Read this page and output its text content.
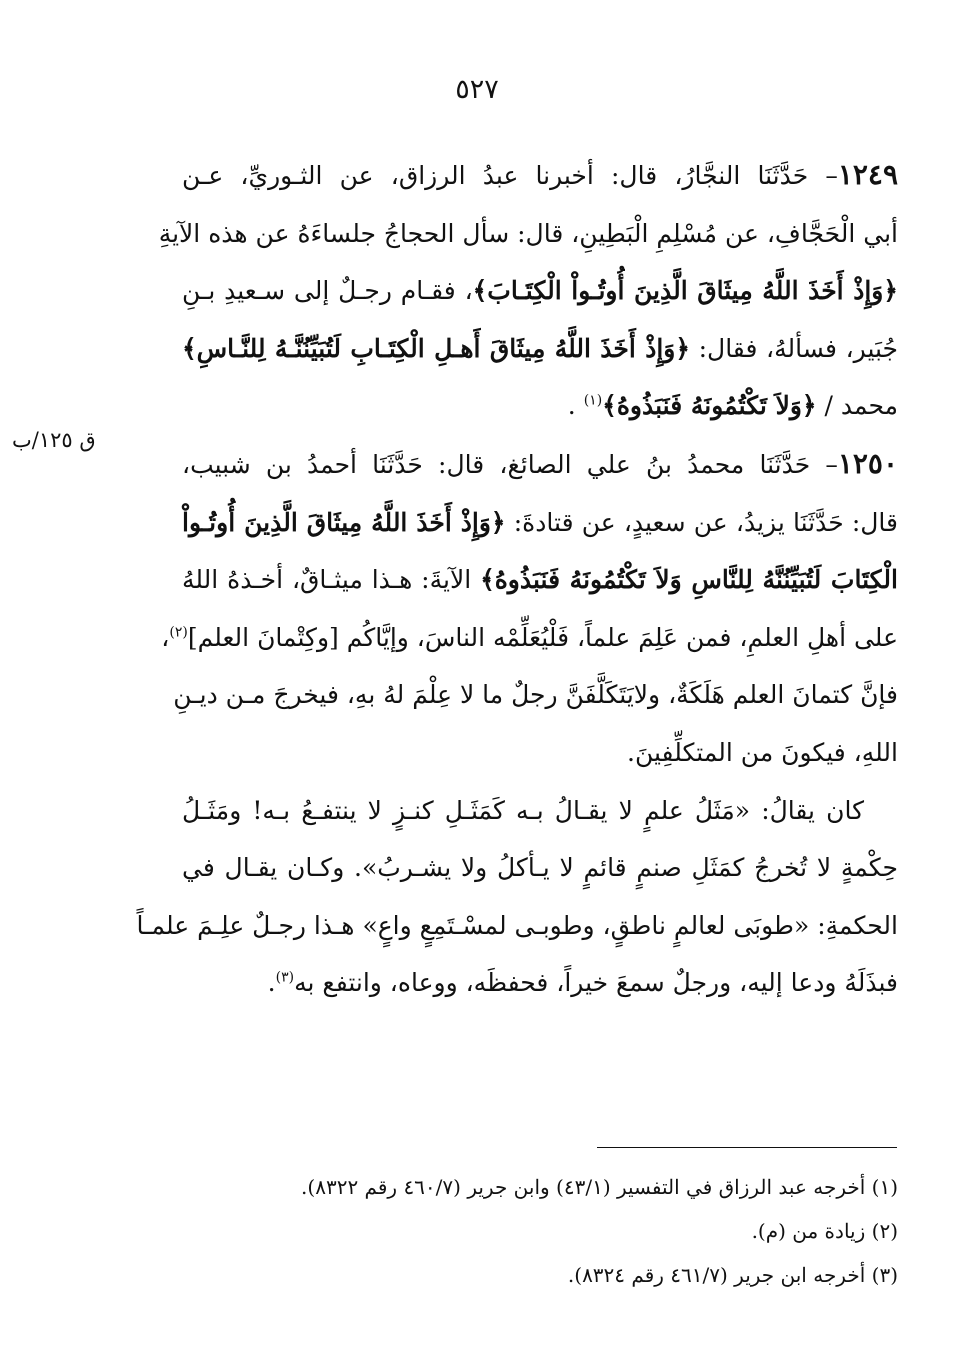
٥٢٧
ق ١٢٥/ب
١٢٤٩– حَدَّثَنَا النجَّارُ، قال: أخبرنا عبدُ الرزاق، عن الثـوريِّ، عـن
أبي الْحَجَّافِ، عن مُسْلِمِ الْبَطِينِ، قال: سأل الحجاجُ جلساءَهُ عن هذه الآيةِ
﴿وَإِذْ أَخَذَ اللَّهُ مِيثَاقَ الَّذِينَ أُوتُـواْ الْكِتَـابَ﴾، فقـام رجـلٌ إلى سـعيدِ بـنِ
جُبَير، فسألهُ، فقال: ﴿وَإِذْ أَخَذَ اللَّهُ مِيثَاقَ أَهـلِ الْكِتَـابِ لَتُبَيِّنُنَّـهُ لِلنَّـاسِ﴾
محمد / ﴿وَلاَ تَكْتُمُونَهُ فَنَبَذُوهُ﴾$^{(١)}$ .
١٢٥٠– حَدَّثَنَا محمدُ بنُ علي الصائغ، قال: حَدَّثَنَا أحمدُ بن شبيب،
قال: حَدَّثَنَا يزيدُ، عن سعيدٍ، عن قتادةَ: ﴿وَإِذْ أَخَذَ اللَّهُ مِيثَاقَ الَّذِينَ أُوتُـواْ
الْكِتَابَ لَتُبَيِّنُنَّهُ لِلنَّاسِ وَلاَ تَكْتُمُونَهُ فَنَبَذُوهُ﴾ الآيةَ: هـذا ميثـاقٌ، أخـذهُ اللهُ
على أهلِ العلمِ، فمن عَلِمَ علماً، فَلْيُعَلِّمْه الناسَ، وإيَّاكُم [وكِتْمانَ العلم]$^{(٢)}$،
فإنَّ كتمانَ العلم هَلَكَةٌ، ولايَتَكَلَّفَنَّ رجلٌ ما لا عِلْمَ لهُ بهِ، فيخرجَ مـن ديـنِ
اللهِ، فيكونَ من المتكلِّفِينَ.
كان يقالُ: «مَثَلُ علمٍ لا يقـالُ بـه كَمَثَـلِ كنـزٍ لا ينتفـعُ بـه! ومَثَـلُ
حِكْمةٍ لا تُخرجُ كمَثَلِ صنمٍ قائمٍ لا يـأكلُ ولا يشـربُ». وكـان يقـال في
الحكمةِ: «طوبَى لعالمٍ ناطقٍ، وطوبـى لمسْـتَمِعٍ واعٍ» هـذا رجـلٌ علِـمَ علمـاً
فبذَلَهُ ودعا إليه، ورجلٌ سمعَ خيراً، فحفظَه، ووعاه، وانتفع به$^{(٣)}$.
(١) أخرجه عبد الرزاق في التفسير (٤٣/١) وابن جرير (٤٦٠/٧ رقم ٨٣٢٢).
(٢) زيادة من (م).
(٣) أخرجه ابن جرير (٤٦١/٧ رقم ٨٣٢٤).
